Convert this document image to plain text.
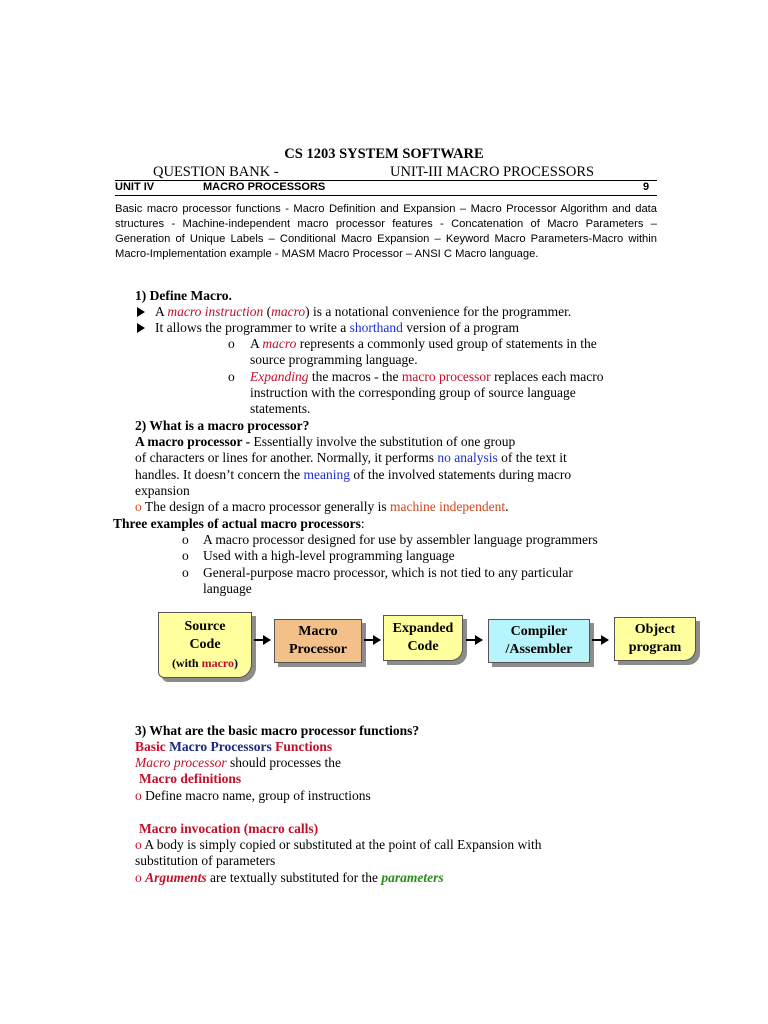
CS 1203 SYSTEM SOFTWARE
QUESTION BANK -	UNIT-III MACRO PROCESSORS
UNIT IV	MACRO PROCESSORS	9
Basic macro processor functions - Macro Definition and Expansion – Macro Processor Algorithm and data structures - Machine-independent macro processor features - Concatenation of Macro Parameters – Generation of Unique Labels – Conditional Macro Expansion – Keyword Macro Parameters-Macro within Macro-Implementation example - MASM Macro Processor – ANSI C Macro language.
1) Define Macro.
A macro instruction (macro) is a notational convenience for the programmer.
It allows the programmer to write a shorthand version of a program
o A macro represents a commonly used group of statements in the
source programming language.
o Expanding the macros - the macro processor replaces each macro
instruction with the corresponding group of source language
statements.
2) What is a macro processor?
A macro processor - Essentially involve the substitution of one group
of characters or lines for another. Normally, it performs no analysis of the text it
handles. It doesn’t concern the meaning of the involved statements during macro
expansion
o The design of a macro processor generally is machine independent.
Three examples of actual macro processors:
o A macro processor designed for use by assembler language programmers
o Used with a high-level programming language
o General-purpose macro processor, which is not tied to any particular
language
Source
Code
(with macro)
Macro
Processor
Expanded
Code
Compiler
/Assembler
Object
program
3) What are the basic macro processor functions?
Basic Macro Processors Functions
Macro processor should processes the
Macro definitions
o Define macro name, group of instructions
Macro invocation (macro calls)
o A body is simply copied or substituted at the point of call Expansion with
substitution of parameters
o Arguments are textually substituted for the parameters
